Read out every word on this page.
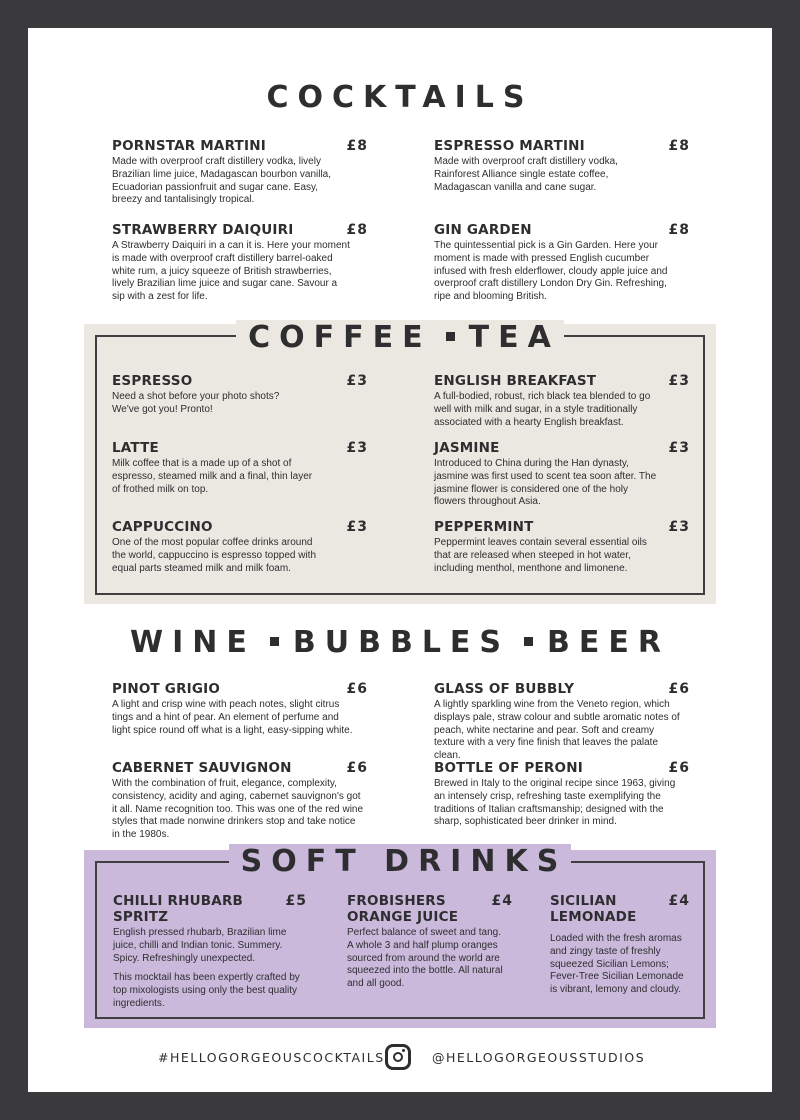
COCKTAILS
PORNSTAR MARTINI	£8
Made with overproof craft distillery vodka, lively Brazilian lime juice, Madagascan bourbon vanilla, Ecuadorian passionfruit and sugar cane. Easy, breezy and tantalisingly tropical.
ESPRESSO MARTINI	£8
Made with overproof craft distillery vodka, Rainforest Alliance single estate coffee, Madagascan vanilla and cane sugar.
STRAWBERRY DAIQUIRI	£8
A Strawberry Daiquiri in a can it is. Here your moment is made with overproof craft distillery barrel-oaked white rum, a juicy squeeze of British strawberries, lively Brazilian lime juice and sugar cane. Savour a sip with a zest for life.
GIN GARDEN	£8
The quintessential pick is a Gin Garden. Here your moment is made with pressed English cucumber infused with fresh elderflower, cloudy apple juice and overproof craft distillery London Dry Gin. Refreshing, ripe and blooming British.
COFFEE TEA
ESPRESSO	£3
Need a shot before your photo shots? We've got you! Pronto!
ENGLISH BREAKFAST	£3
A full-bodied, robust, rich black tea blended to go well with milk and sugar, in a style traditionally associated with a hearty English breakfast.
LATTE	£3
Milk coffee that is a made up of a shot of espresso, steamed milk and a final, thin layer of frothed milk on top.
JASMINE	£3
Introduced to China during the Han dynasty, jasmine was first used to scent tea soon after. The jasmine flower is considered one of the holy flowers throughout Asia.
CAPPUCCINO	£3
One of the most popular coffee drinks around the world, cappuccino is espresso topped with equal parts steamed milk and milk foam.
PEPPERMINT	£3
Peppermint leaves contain several essential oils that are released when steeped in hot water, including menthol, menthone and limonene.
WINE BUBBLES BEER
PINOT GRIGIO	£6
A light and crisp wine with peach notes, slight citrus tings and a hint of pear. An element of perfume and light spice round off what is a light, easy-sipping white.
GLASS OF BUBBLY	£6
A lightly sparkling wine from the Veneto region, which displays pale, straw colour and subtle aromatic notes of peach, white nectarine and pear. Soft and creamy texture with a very fine finish that leaves the palate clean.
CABERNET SAUVIGNON	£6
With the combination of fruit, elegance, complexity, consistency, acidity and aging, cabernet sauvignon's got it all. Name recognition too. This was one of the red wine styles that made nonwine drinkers stop and take notice in the 1980s.
BOTTLE OF PERONI	£6
Brewed in Italy to the original recipe since 1963, giving an intensely crisp, refreshing taste exemplifying the traditions of Italian craftsmanship; designed with the sharp, sophisticated beer drinker in mind.
SOFT DRINKS
CHILLI RHUBARB
SPRITZ
£5
English pressed rhubarb, Brazilian lime juice, chilli and Indian tonic. Summery. Spicy. Refreshingly unexpected.
This mocktail has been expertly crafted by top mixologists using only the best quality ingredients.
FROBISHERS
ORANGE JUICE
£4
Perfect balance of sweet and tang. A whole 3 and half plump oranges sourced from around the world are squeezed into the bottle. All natural and all good.
SICILIAN
LEMONADE
£4
Loaded with the fresh aromas and zingy taste of freshly squeezed Sicilian Lemons; Fever-Tree Sicilian Lemonade is vibrant, lemony and cloudy.
#HELLOGORGEOUSCOCKTAILS	@HELLOGORGEOUSSTUDIOS
